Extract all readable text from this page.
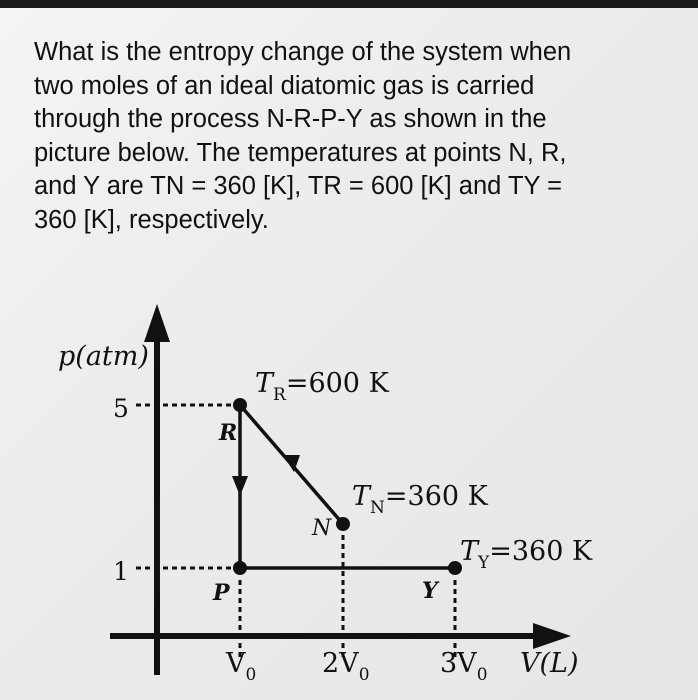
What is the entropy change of the system when
two moles of an ideal diatomic gas is carried
through the process N-R-P-Y as shown in the
picture below. The temperatures at points N, R,
and Y are TN = 360 [K], TR = 600 [K] and TY =
360 [K], respectively.
p(atm)
5
1
R
P
N
Y
$T_R=600$ K
$T_N=360$ K
$T_Y=360$ K
$V_0$ $2V_0$	$3V_0$ V(L)
